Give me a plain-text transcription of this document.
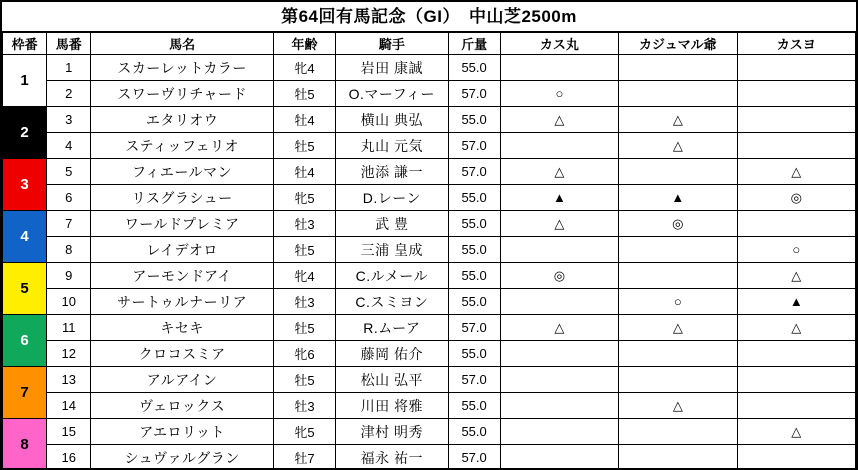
第64回有馬記念（GI）　中山芝2500m
枠番	馬番	馬名	年齢	騎手	斤量	カス丸	カジュマル爺	カスヨ
1	1	スカーレットカラー	牝4	岩田 康誠	55.0			
	2	スワーヴリチャード	牡5	O.マーフィー	57.0	○		
2	3	エタリオウ	牡4	横山 典弘	55.0	△	△	
	4	スティッフェリオ	牡5	丸山 元気	57.0		△	
3	5	フィエールマン	牡4	池添 謙一	57.0	△		△
	6	リスグラシュー	牝5	D.レーン	55.0	▲	▲	◎
4	7	ワールドプレミア	牡3	武 豊	55.0	△	◎	
	8	レイデオロ	牡5	三浦 皇成	55.0			○
5	9	アーモンドアイ	牝4	C.ルメール	55.0	◎		△
	10	サートゥルナーリア	牡3	C.スミヨン	55.0		○	▲
6	11	キセキ	牡5	R.ムーア	57.0	△	△	△
	12	クロコスミア	牝6	藤岡 佑介	55.0			
7	13	アルアイン	牡5	松山 弘平	57.0			
	14	ヴェロックス	牡3	川田 将雅	55.0		△	
8	15	アエロリット	牝5	津村 明秀	55.0			△
	16	シュヴァルグラン	牡7	福永 祐一	57.0			
